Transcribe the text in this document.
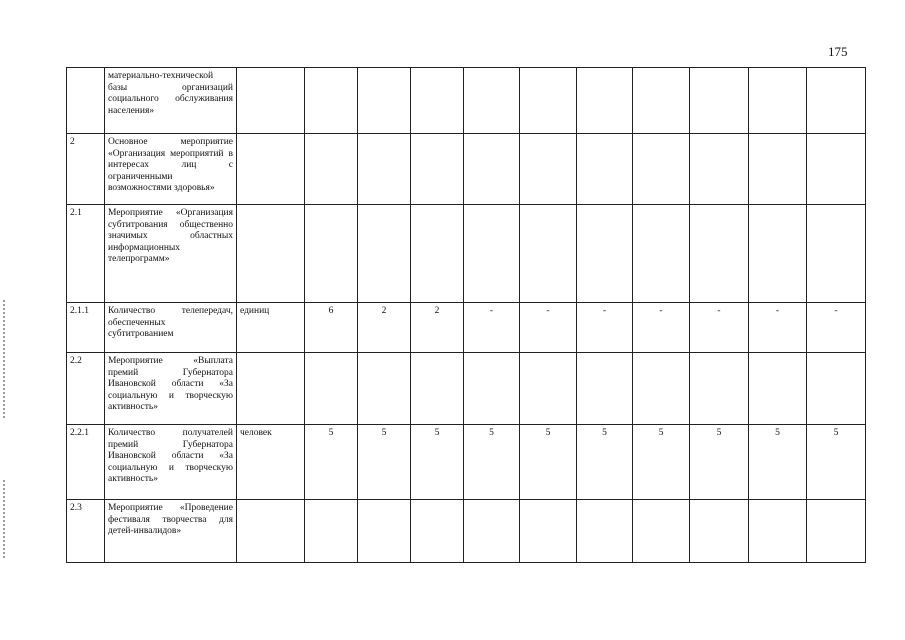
175
	материально-технической базы организаций социального обслуживания населения»											
2	Основное мероприятие «Организация мероприятий в интересах лиц с ограниченными возможностями здоровья»											
2.1	Мероприятие «Организация субтитрования общественно значимых областных информационных телепрограмм»											
2.1.1	Количество телепередач, обеспеченных субтитрованием	единиц	6	2	2	-	-	-	-	-	-	-
2.2	Мероприятие «Выплата премий Губернатора Ивановской области «За социальную и творческую активность»											
2.2.1	Количество получателей премий Губернатора Ивановской области «За социальную и творческую активность»	человек	5	5	5	5	5	5	5	5	5	5
2.3	Мероприятие «Проведение фестиваля творчества для детей-инвалидов»											
